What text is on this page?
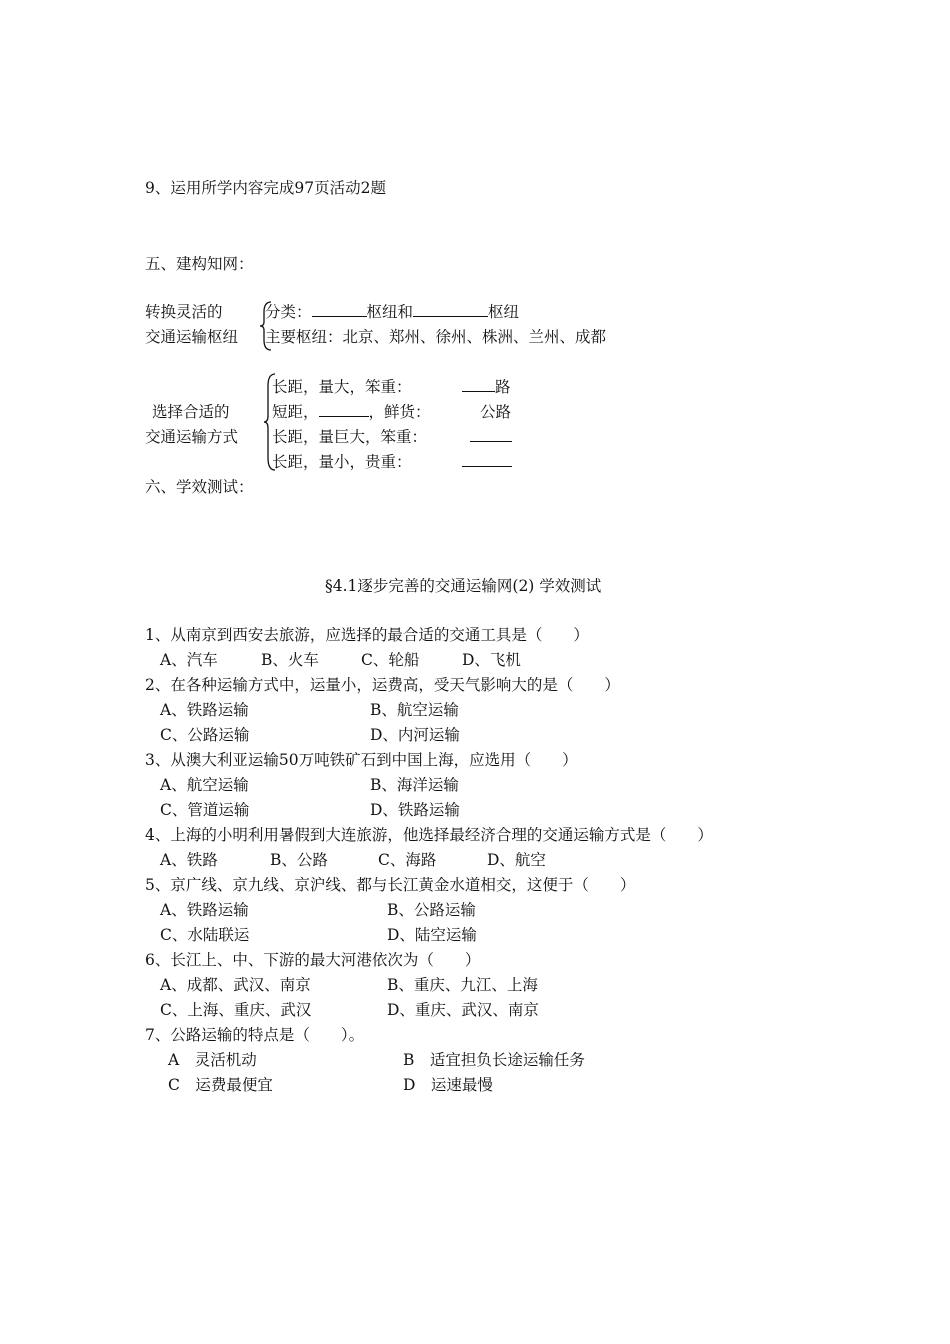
9、运用所学内容完成97页活动2题
五、建构知网：
转换灵活的
交通运输枢纽
分类：	枢纽和	枢纽
主要枢纽：北京、郑州、徐州、株洲、兰州、成都
选择合适的
交通运输方式
长距，量大，笨重：	路
短距，	，鲜货：	公路
长距，量巨大，笨重：
长距，量小，贵重：
六、学效测试：
§4.1逐步完善的交通运输网(2) 学效测试
1、从南京到西安去旅游，应选择的最合适的交通工具是（　　）
A、汽车	B、火车	C、轮船	D、飞机
2、在各种运输方式中，运量小，运费高，受天气影响大的是（　　）
A、铁路运输	B、航空运输
C、公路运输	D、内河运输
3、从澳大利亚运输50万吨铁矿石到中国上海，应选用（　　）
A、航空运输	B、海洋运输
C、管道运输	D、铁路运输
4、上海的小明利用暑假到大连旅游，他选择最经济合理的交通运输方式是（　　）
A、铁路	B、公路	C、海路	D、航空
5、京广线、京九线、京沪线、都与长江黄金水道相交，这便于（　　）
A、铁路运输	B、公路运输
C、水陆联运	D、陆空运输
6、长江上、中、下游的最大河港依次为（　　）
A、成都、武汉、南京	B、重庆、九江、上海
C、上海、重庆、武汉	D、重庆、武汉、南京
7、公路运输的特点是（　　）。
A　灵活机动	B　适宜担负长途运输任务
C　运费最便宜	D　运速最慢
